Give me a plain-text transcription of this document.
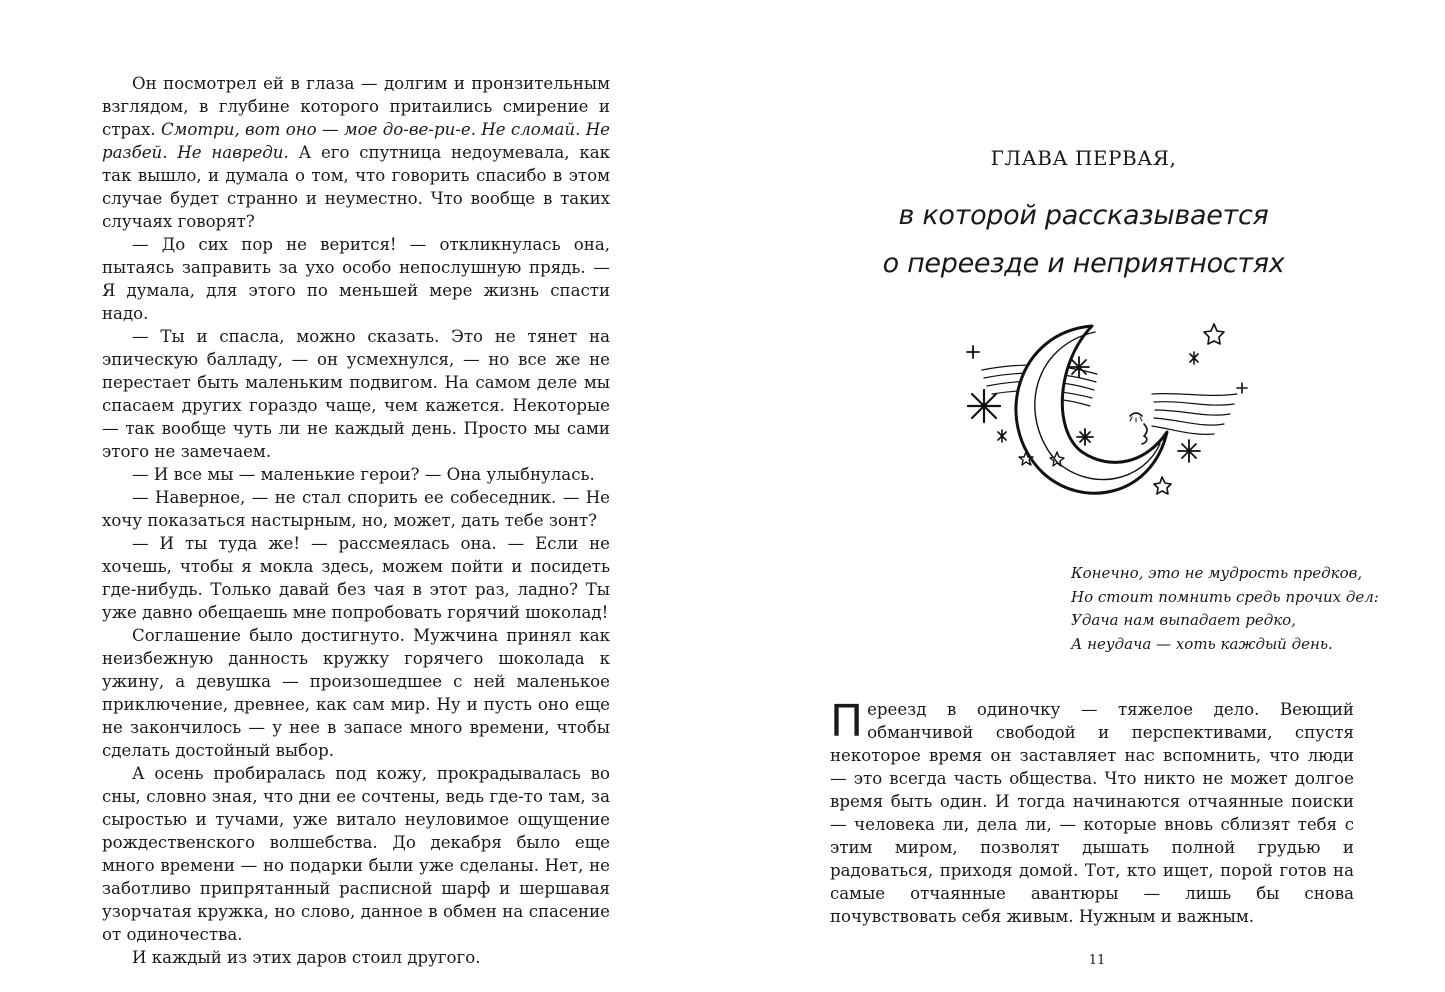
Он посмотрел ей в глаза — долгим и пронзительным взглядом, в глубине которого притаились смирение и страх. Смотри, вот оно — мое до-ве-ри-е. Не сломай. Не разбей. Не навреди. А его спутница недоумевала, как так вышло, и думала о том, что говорить спасибо в этом случае будет странно и неуместно. Что вообще в таких случаях говорят?

— До сих пор не верится! — откликнулась она, пытаясь заправить за ухо особо непослушную прядь. — Я думала, для этого по меньшей мере жизнь спасти надо.

— Ты и спасла, можно сказать. Это не тянет на эпическую балладу, — он усмехнулся, — но все же не перестает быть маленьким подвигом. На самом деле мы спасаем других гораздо чаще, чем кажется. Некоторые — так вообще чуть ли не каждый день. Просто мы сами этого не замечаем.

— И все мы — маленькие герои? — Она улыбнулась.

— Наверное, — не стал спорить ее собеседник. — Не хочу показаться настырным, но, может, дать тебе зонт?

— И ты туда же! — рассмеялась она. — Если не хочешь, чтобы я мокла здесь, можем пойти и посидеть где-нибудь. Только давай без чая в этот раз, ладно? Ты уже давно обещаешь мне попробовать горячий шоколад!

Соглашение было достигнуто. Мужчина принял как неизбежную данность кружку горячего шоколада к ужину, а девушка — произошедшее с ней маленькое приключение, древнее, как сам мир. Ну и пусть оно еще не закончилось — у нее в запасе много времени, чтобы сделать достойный выбор.

А осень пробиралась под кожу, прокрадывалась во сны, словно зная, что дни ее сочтены, ведь где-то там, за сыростью и тучами, уже витало неуловимое ощущение рождественского волшебства. До декабря было еще много времени — но подарки были уже сделаны. Нет, не заботливо припрятанный расписной шарф и шершавая узорчатая кружка, но слово, данное в обмен на спасение от одиночества.

И каждый из этих даров стоил другого.

ГЛАВА ПЕРВАЯ,
в которой рассказывается
о переезде и неприятностях
Конечно, это не мудрость предков,
Но стоит помнить средь прочих дел:
Удача нам выпадает редко,
А неудача — хоть каждый день.

Переезд в одиночку — тяжелое дело. Веющий обманчивой свободой и перспективами, спустя некоторое время он заставляет нас вспомнить, что люди — это всегда часть общества. Что никто не может долгое время быть один. И тогда начинаются отчаянные поиски — человека ли, дела ли, — которые вновь сблизят тебя с этим миром, позволят дышать полной грудью и радоваться, приходя домой. Тот, кто ищет, порой готов на самые отчаянные авантюры — лишь бы снова почувствовать себя живым. Нужным и важным.

11
